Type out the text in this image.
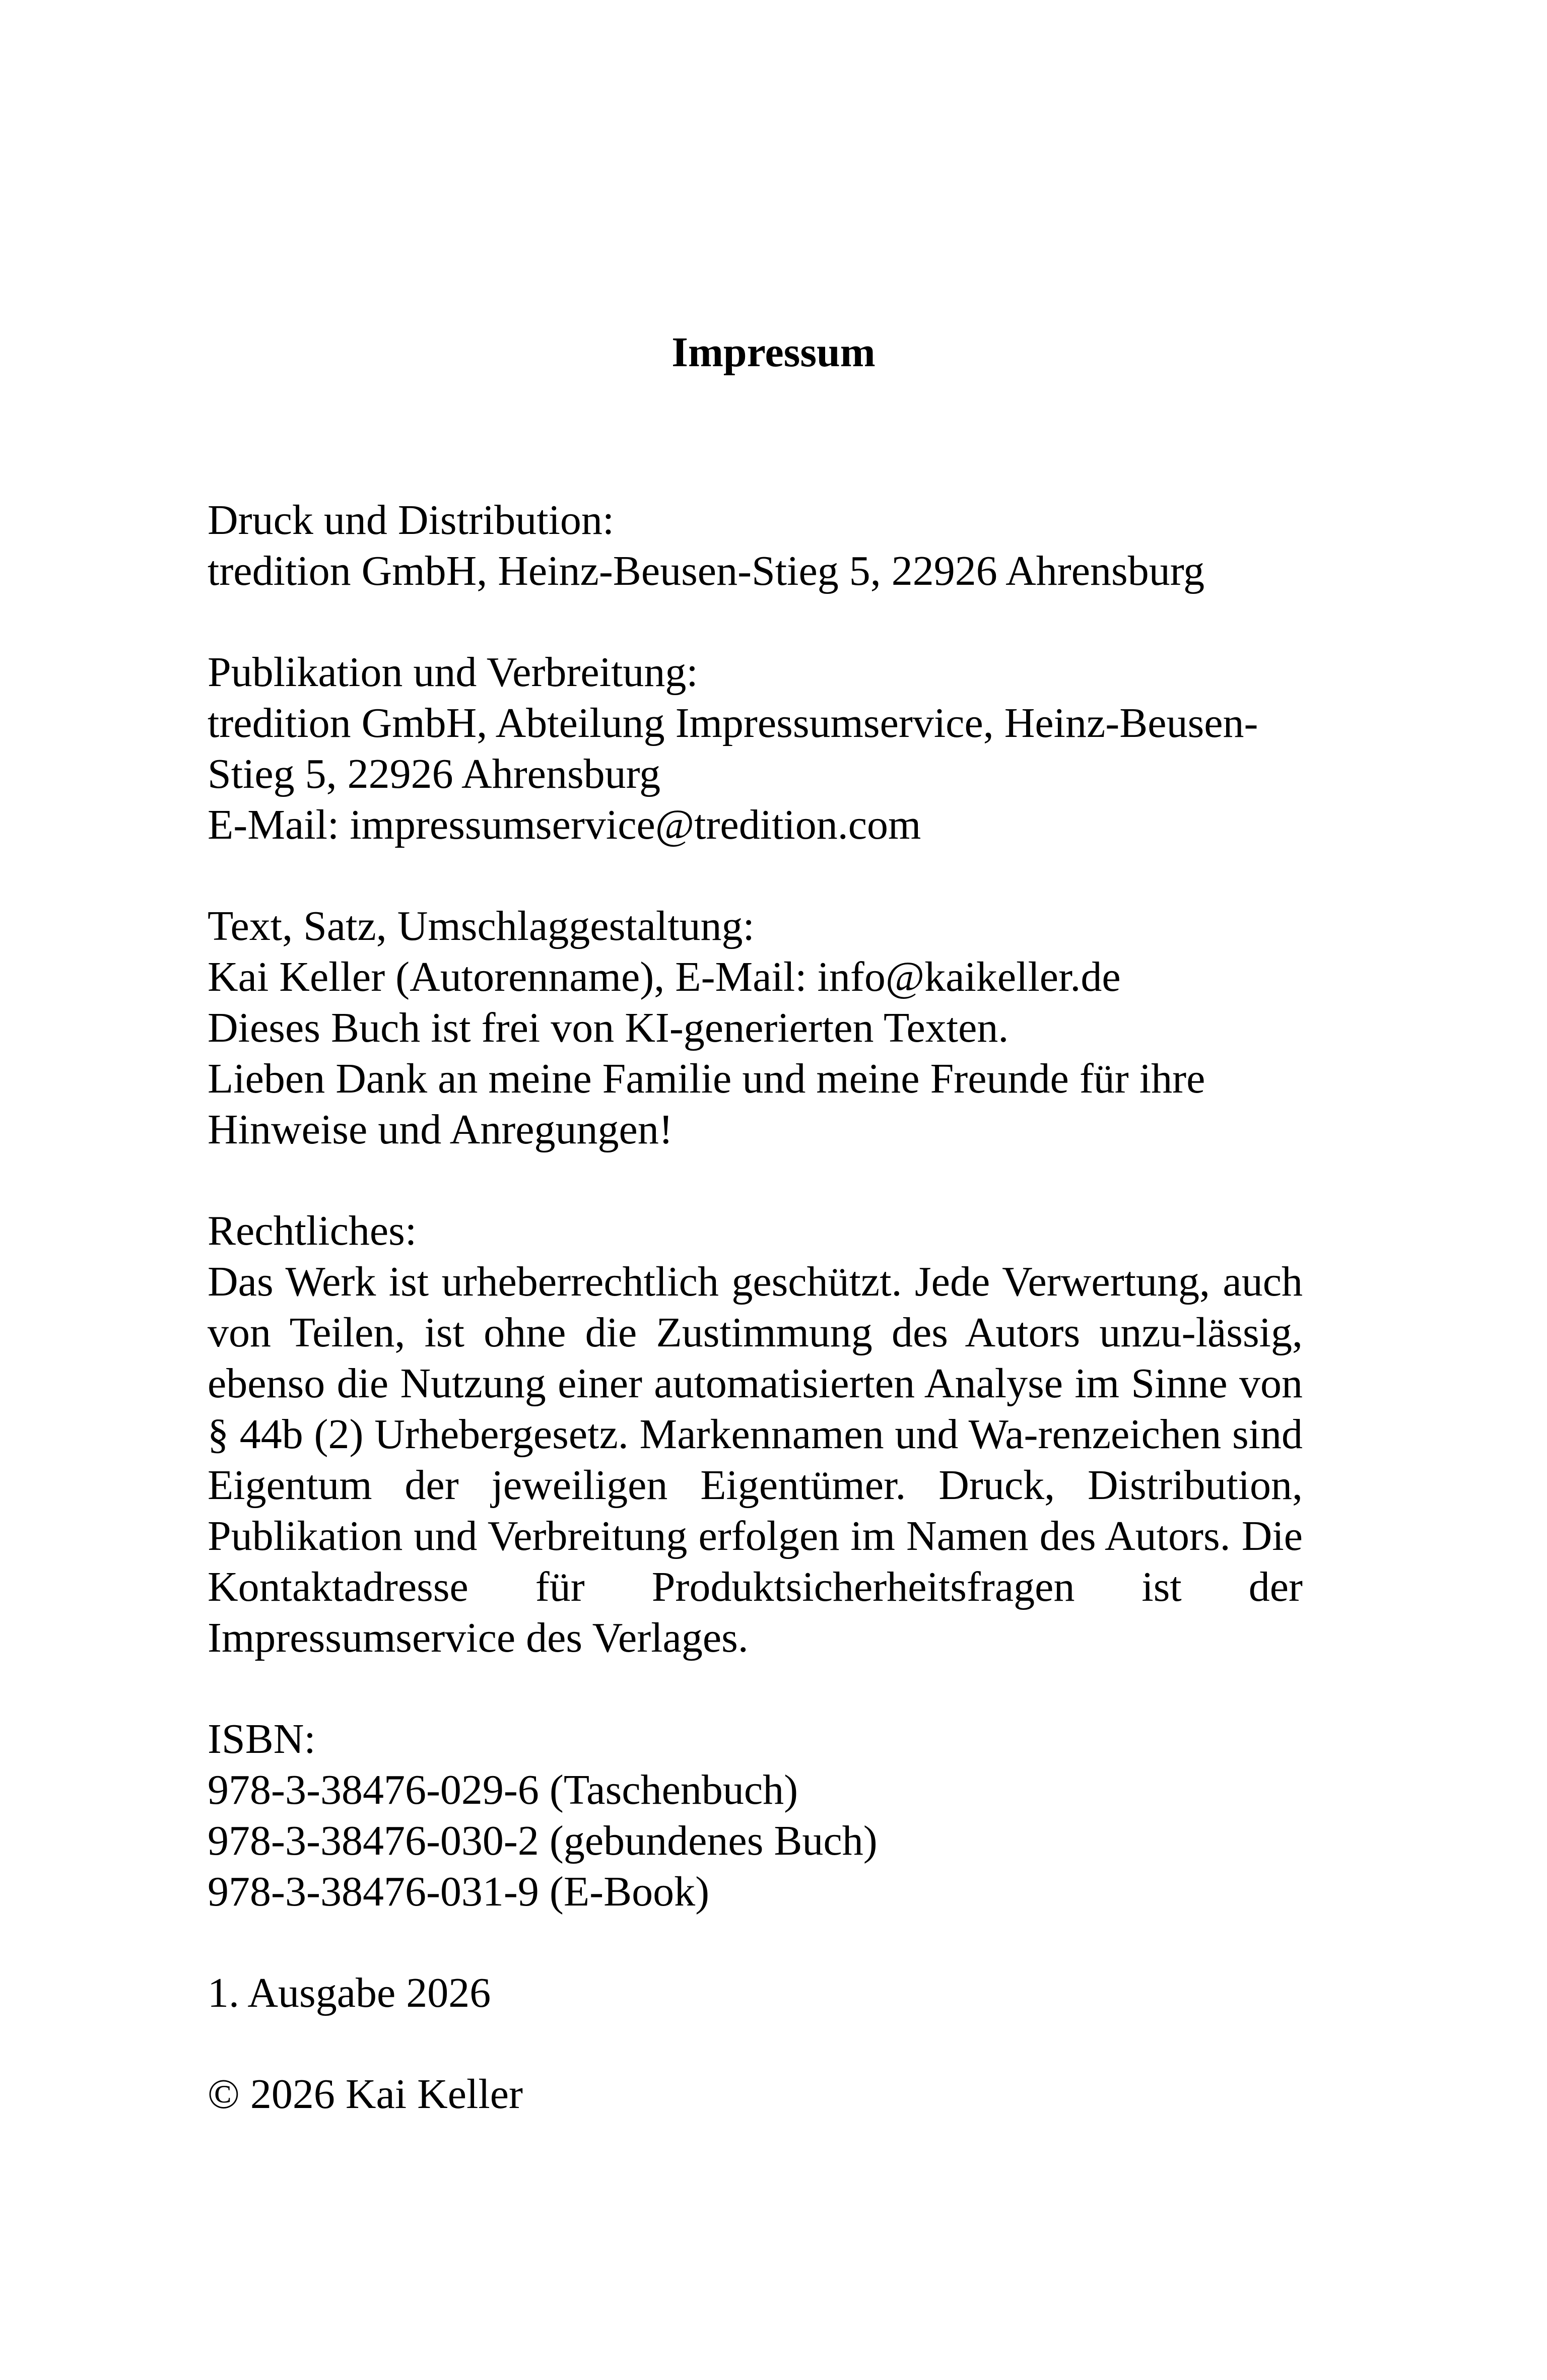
Impressum
Druck und Distribution:
tredition GmbH, Heinz-Beusen-Stieg 5, 22926 Ahrensburg
Publikation und Verbreitung:
tredition GmbH, Abteilung Impressumservice, Heinz-Beusen-
Stieg 5, 22926 Ahrensburg
E-Mail: impressumservice@tredition.com
Text, Satz, Umschlaggestaltung:
Kai Keller (Autorenname), E-Mail: info@kaikeller.de
Dieses Buch ist frei von KI-generierten Texten.
Lieben Dank an meine Familie und meine Freunde für ihre
Hinweise und Anregungen!
Rechtliches:
Das Werk ist urheberrechtlich geschützt. Jede Verwertung, auch von Teilen, ist ohne die Zustimmung des Autors unzu-lässig, ebenso die Nutzung einer automatisierten Analyse im Sinne von § 44b (2) Urhebergesetz. Markennamen und Wa-renzeichen sind Eigentum der jeweiligen Eigentümer. Druck, Distribution, Publikation und Verbreitung erfolgen im Namen des Autors. Die Kontaktadresse für Produktsicherheitsfragen ist der Impressumservice des Verlages.
ISBN:
978-3-38476-029-6 (Taschenbuch)
978-3-38476-030-2 (gebundenes Buch)
978-3-38476-031-9 (E-Book)
1. Ausgabe 2026
© 2026 Kai Keller
